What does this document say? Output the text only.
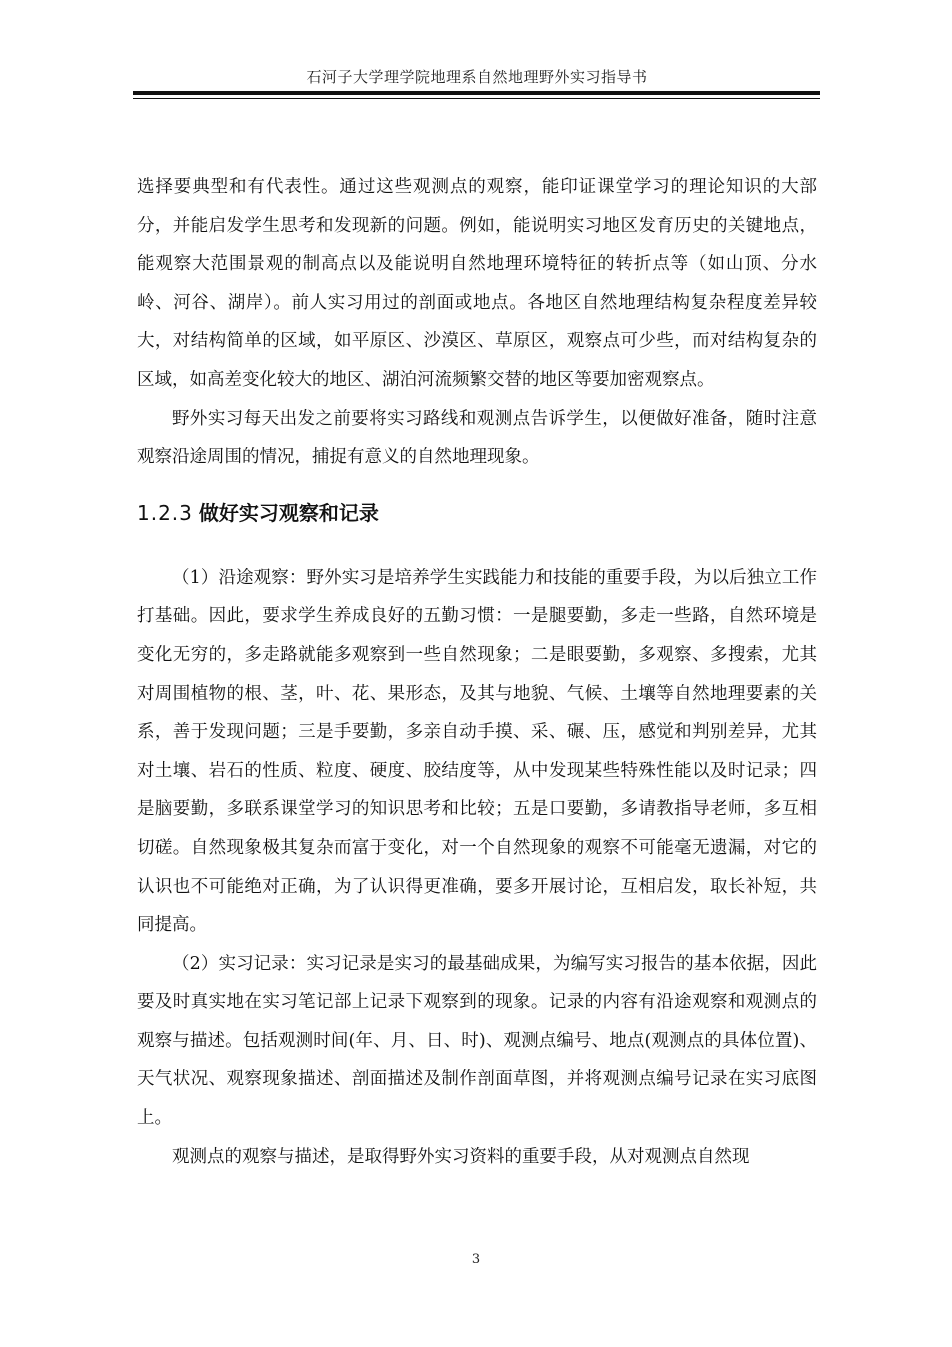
石河子大学理学院地理系自然地理野外实习指导书

选择要典型和有代表性。通过这些观测点的观察，能印证课堂学习的理论知识的大部分，并能启发学生思考和发现新的问题。例如，能说明实习地区发育历史的关键地点，能观察大范围景观的制高点以及能说明自然地理环境特征的转折点等（如山顶、分水岭、河谷、湖岸）。前人实习用过的剖面或地点。各地区自然地理结构复杂程度差异较大，对结构简单的区域，如平原区、沙漠区、草原区，观察点可少些，而对结构复杂的区域，如高差变化较大的地区、湖泊河流频繁交替的地区等要加密观察点。

野外实习每天出发之前要将实习路线和观测点告诉学生，以便做好准备，随时注意观察沿途周围的情况，捕捉有意义的自然地理现象。

1.2.3 做好实习观察和记录

（1）沿途观察：野外实习是培养学生实践能力和技能的重要手段，为以后独立工作打基础。因此，要求学生养成良好的五勤习惯：一是腿要勤，多走一些路，自然环境是变化无穷的，多走路就能多观察到一些自然现象；二是眼要勤，多观察、多搜索，尤其对周围植物的根、茎，叶、花、果形态，及其与地貌、气候、土壤等自然地理要素的关系，善于发现问题；三是手要勤，多亲自动手摸、采、碾、压，感觉和判别差异，尤其对土壤、岩石的性质、粒度、硬度、胶结度等，从中发现某些特殊性能以及时记录；四是脑要勤，多联系课堂学习的知识思考和比较；五是口要勤，多请教指导老师，多互相切磋。自然现象极其复杂而富于变化，对一个自然现象的观察不可能毫无遗漏，对它的认识也不可能绝对正确，为了认识得更准确，要多开展讨论，互相启发，取长补短，共同提高。

（2）实习记录：实习记录是实习的最基础成果，为编写实习报告的基本依据，因此要及时真实地在实习笔记部上记录下观察到的现象。记录的内容有沿途观察和观测点的观察与描述。包括观测时间(年、月、日、时)、观测点编号、地点(观测点的具体位置)、天气状况、观察现象描述、剖面描述及制作剖面草图，并将观测点编号记录在实习底图上。

观测点的观察与描述，是取得野外实习资料的重要手段，从对观测点自然现

3
